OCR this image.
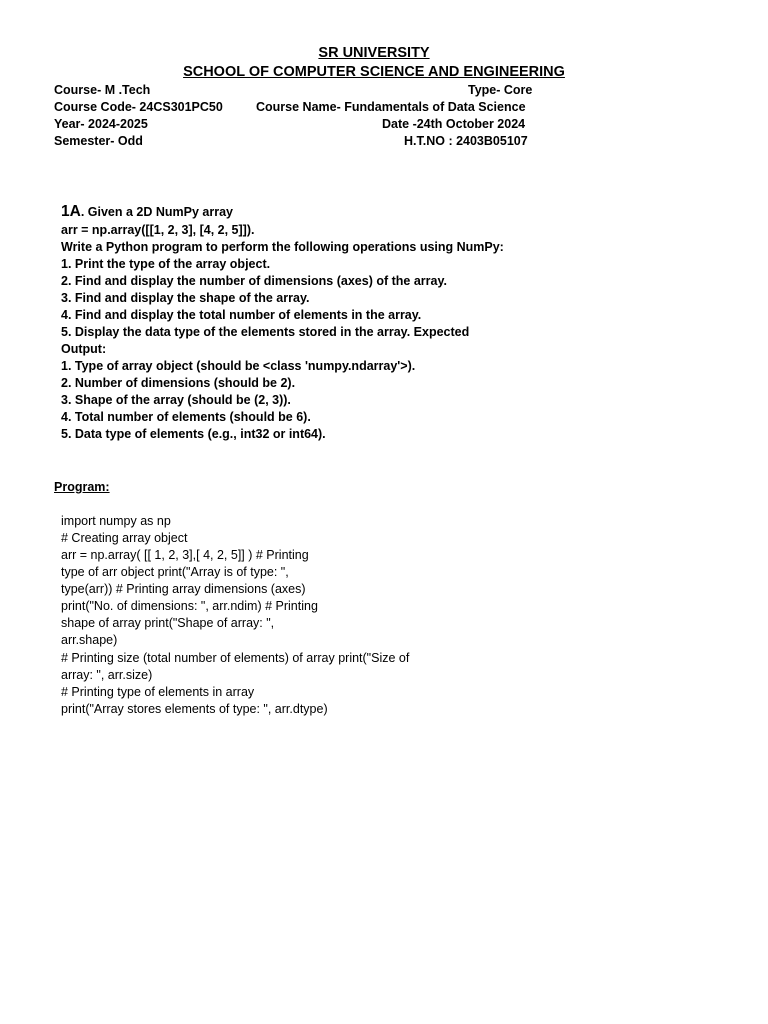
SR UNIVERSITY
SCHOOL OF COMPUTER SCIENCE AND ENGINEERING
Course- M .Tech	Type- Core
Course Code- 24CS301PC50	Course Name- Fundamentals of Data Science
Year- 2024-2025	Date -24th October 2024
Semester- Odd	H.T.NO : 2403B05107
1A. Given a 2D NumPy array
arr = np.array([[1, 2, 3], [4, 2, 5]]).
Write a Python program to perform the following operations using NumPy:
1. Print the type of the array object.
2. Find and display the number of dimensions (axes) of the array.
3. Find and display the shape of the array.
4. Find and display the total number of elements in the array.
5. Display the data type of the elements stored in the array. Expected
Output:
1. Type of array object (should be <class 'numpy.ndarray'>).
2. Number of dimensions (should be 2).
3. Shape of the array (should be (2, 3)).
4. Total number of elements (should be 6).
5. Data type of elements (e.g., int32 or int64).
Program:
import numpy as np
# Creating array object
arr = np.array( [[ 1, 2, 3],[ 4, 2, 5]] ) # Printing
type of arr object print("Array is of type: ",
type(arr)) # Printing array dimensions (axes)
print("No. of dimensions: ", arr.ndim) # Printing
shape of array print("Shape of array: ",
arr.shape)
# Printing size (total number of elements) of array print("Size of
array: ", arr.size)
# Printing type of elements in array
print("Array stores elements of type: ", arr.dtype)
